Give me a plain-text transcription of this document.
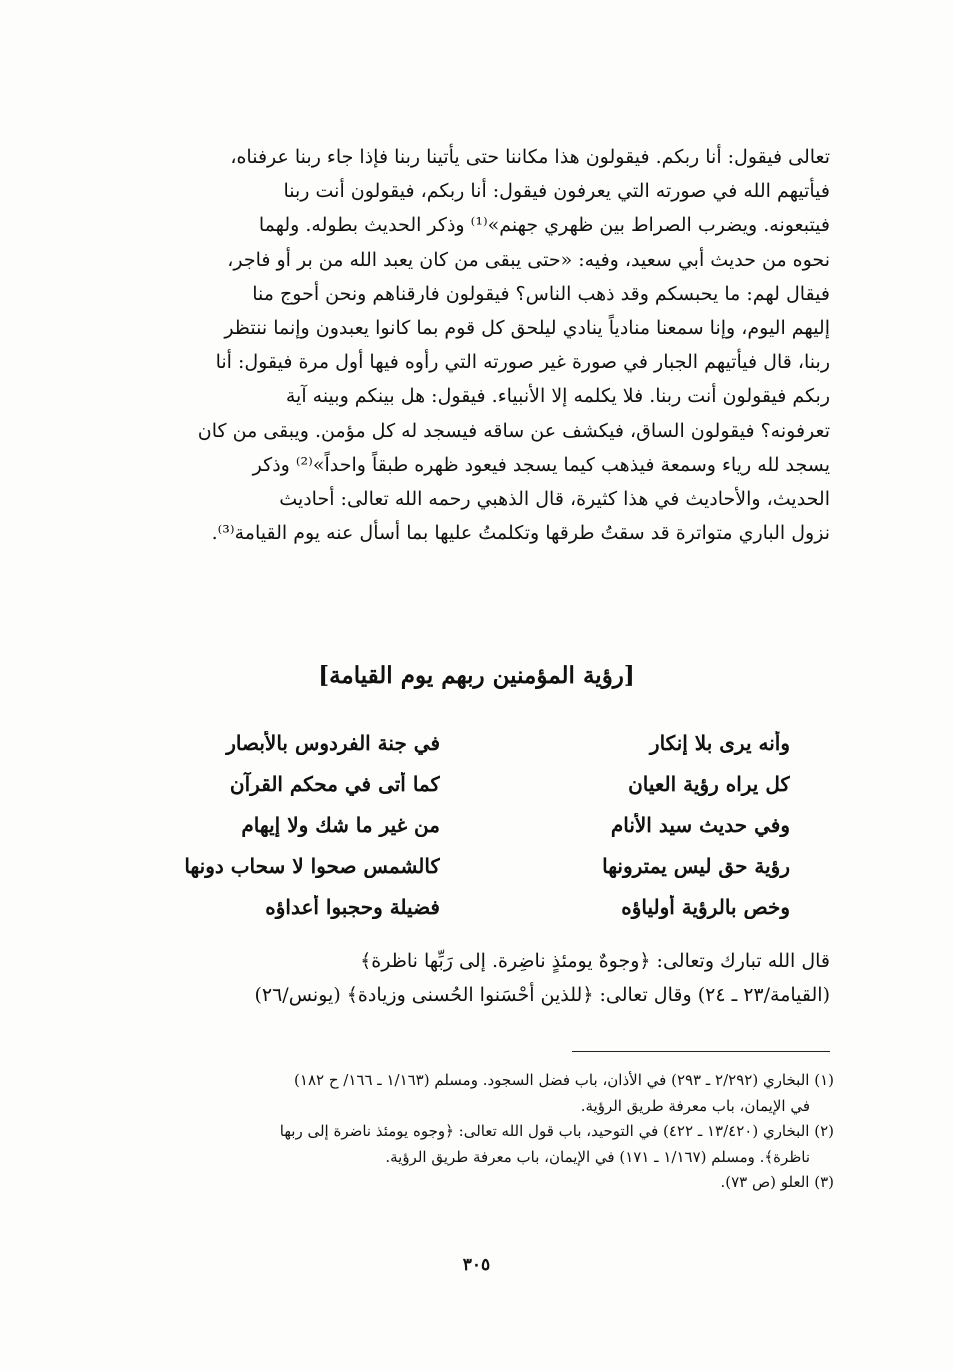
تعالى فيقول: أنا ربكم. فيقولون هذا مكاننا حتى يأتينا ربنا فإذا جاء ربنا عرفناه،
فيأتيهم الله في صورته التي يعرفون فيقول: أنا ربكم، فيقولون أنت ربنا
فيتبعونه. ويضرب الصراط بين ظهري جهنم»⁽¹⁾ وذكر الحديث بطوله. ولهما
نحوه من حديث أبي سعيد، وفيه: «حتى يبقى من كان يعبد الله من بر أو فاجر،
فيقال لهم: ما يحبسكم وقد ذهب الناس؟ فيقولون فارقناهم ونحن أحوج منا
إليهم اليوم، وإنا سمعنا منادياً ينادي ليلحق كل قوم بما كانوا يعبدون وإنما ننتظر
ربنا، قال فيأتيهم الجبار في صورة غير صورته التي رأوه فيها أول مرة فيقول: أنا
ربكم فيقولون أنت ربنا. فلا يكلمه إلا الأنبياء. فيقول: هل بينكم وبينه آية
تعرفونه؟ فيقولون الساق، فيكشف عن ساقه فيسجد له كل مؤمن. ويبقى من كان
يسجد لله رياء وسمعة فيذهب كيما يسجد فيعود ظهره طبقاً واحداً»⁽²⁾ وذكر
الحديث، والأحاديث في هذا كثيرة، قال الذهبي رحمه الله تعالى: أحاديث
نزول الباري متواترة قد سقتُ طرقها وتكلمتُ عليها بما أسأل عنه يوم القيامة⁽³⁾.
[رؤية المؤمنين ربهم يوم القيامة]
وأنه يرى بلا إنكار
في جنة الفردوس بالأبصار
كل يراه رؤية العيان
كما أتى في محكم القرآن
وفي حديث سيد الأنام
من غير ما شك ولا إيهام
رؤية حق ليس يمترونها
كالشمس صحوا لا سحاب دونها
وخص بالرؤية أولياؤه
فضيلة وحجبوا أعداؤه
قال الله تبارك وتعالى: ﴿وجوهٌ يومئذٍ ناضِرة. إلى رَبِّها ناظرة﴾
(القيامة/٢٣ ـ ٢٤) وقال تعالى: ﴿للذين أحْسَنوا الحُسنى وزيادة﴾ (يونس/٢٦)
(١) البخاري (٢/٢٩٢ ـ ٢٩٣) في الأذان، باب فضل السجود. ومسلم (١/١٦٣ ـ ١٦٦/ ح ١٨٢)
في الإيمان، باب معرفة طريق الرؤية.
(٢) البخاري (١٣/٤٢٠ ـ ٤٢٢) في التوحيد، باب قول الله تعالى: ﴿وجوه يومئذ ناضرة إلى ربها
ناظرة﴾. ومسلم (١/١٦٧ ـ ١٧١) في الإيمان، باب معرفة طريق الرؤية.
(٣) العلو (ص ٧٣).
٣٠٥
